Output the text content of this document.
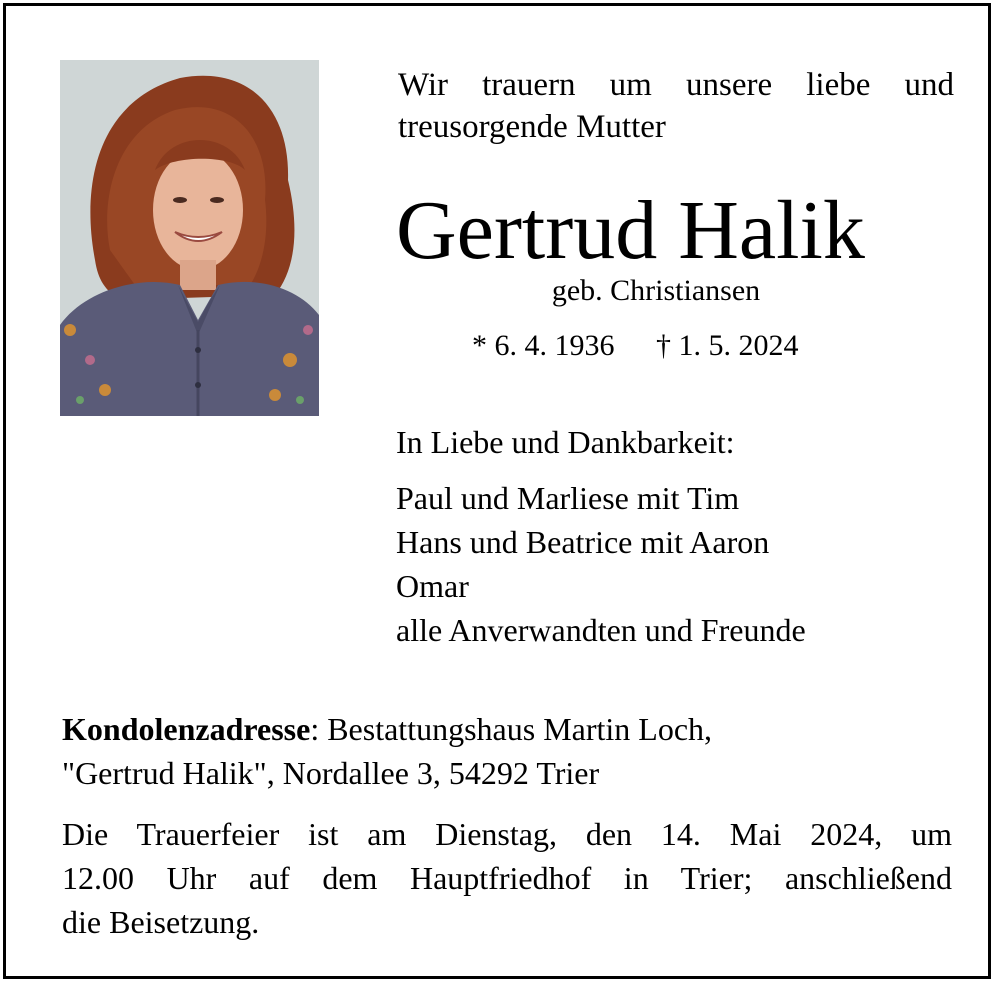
Wir trauern um unsere liebe und
treusorgende Mutter
Gertrud Halik
geb. Christiansen
* 6. 4. 1936 † 1. 5. 2024
In Liebe und Dankbarkeit:
Paul und Marliese mit Tim
Hans und Beatrice mit Aaron
Omar
alle Anverwandten und Freunde
Kondolenzadresse: Bestattungshaus Martin Loch,
"Gertrud Halik", Nordallee 3, 54292 Trier
Die Trauerfeier ist am Dienstag, den 14. Mai 2024, um
12.00 Uhr auf dem Hauptfriedhof in Trier; anschließend
die Beisetzung.
